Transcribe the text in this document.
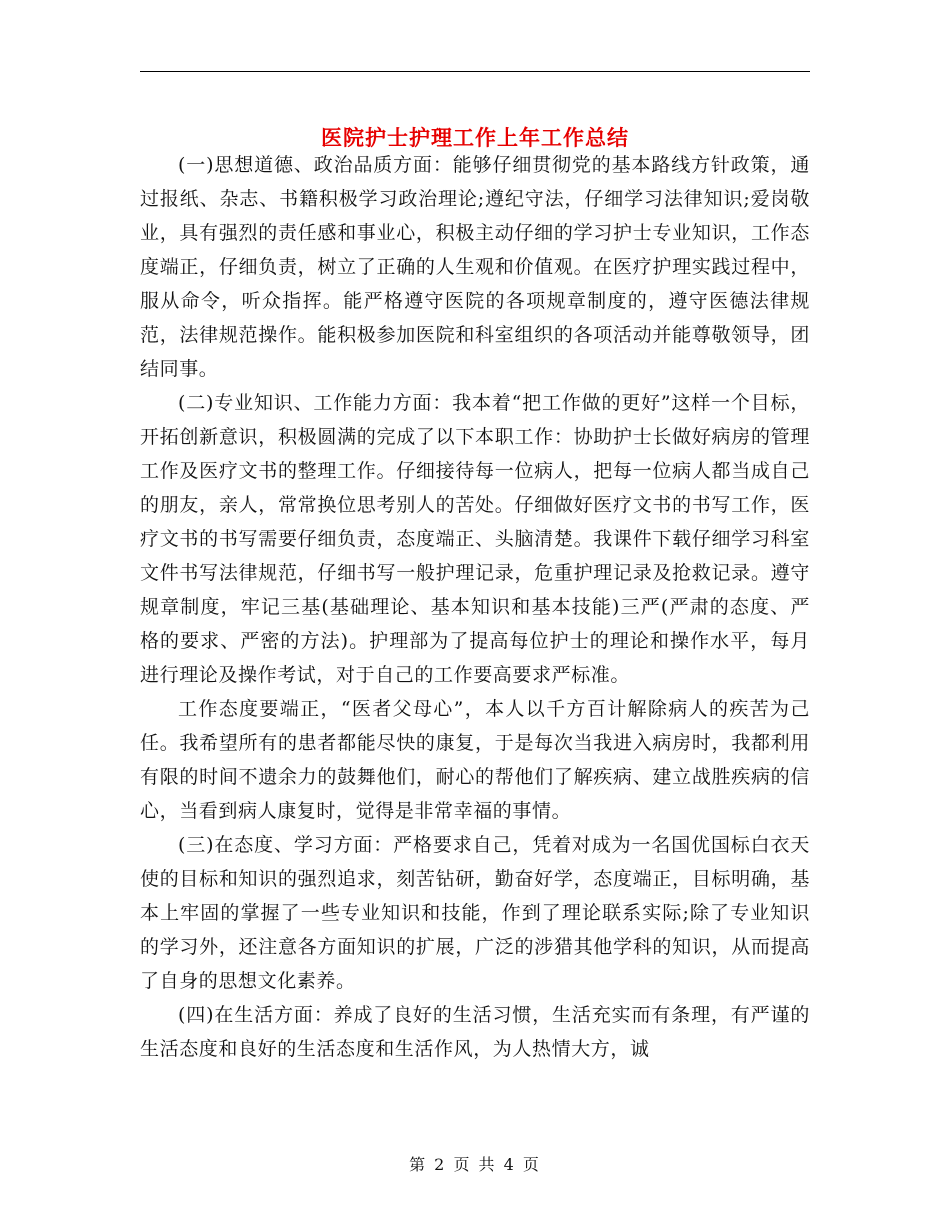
医院护士护理工作上年工作总结

(一)思想道德、政治品质方面：能够仔细贯彻党的基本路线方针政策，通过报纸、杂志、书籍积极学习政治理论;遵纪守法，仔细学习法律知识;爱岗敬业，具有强烈的责任感和事业心，积极主动仔细的学习护士专业知识，工作态度端正，仔细负责，树立了正确的人生观和价值观。在医疗护理实践过程中，服从命令，听众指挥。能严格遵守医院的各项规章制度的，遵守医德法律规范，法律规范操作。能积极参加医院和科室组织的各项活动并能尊敬领导，团结同事。

(二)专业知识、工作能力方面：我本着“把工作做的更好”这样一个目标，开拓创新意识，积极圆满的完成了以下本职工作：协助护士长做好病房的管理工作及医疗文书的整理工作。仔细接待每一位病人，把每一位病人都当成自己的朋友，亲人，常常换位思考别人的苦处。仔细做好医疗文书的书写工作，医疗文书的书写需要仔细负责，态度端正、头脑清楚。我课件下载仔细学习科室文件书写法律规范，仔细书写一般护理记录，危重护理记录及抢救记录。遵守规章制度，牢记三基(基础理论、基本知识和基本技能)三严(严肃的态度、严格的要求、严密的方法)。护理部为了提高每位护士的理论和操作水平，每月进行理论及操作考试，对于自己的工作要高要求严标准。

工作态度要端正，“医者父母心”，本人以千方百计解除病人的疾苦为己任。我希望所有的患者都能尽快的康复，于是每次当我进入病房时，我都利用有限的时间不遗余力的鼓舞他们，耐心的帮他们了解疾病、建立战胜疾病的信心，当看到病人康复时，觉得是非常幸福的事情。

(三)在态度、学习方面：严格要求自己，凭着对成为一名国优国标白衣天使的目标和知识的强烈追求，刻苦钻研，勤奋好学，态度端正，目标明确，基本上牢固的掌握了一些专业知识和技能，作到了理论联系实际;除了专业知识的学习外，还注意各方面知识的扩展，广泛的涉猎其他学科的知识，从而提高了自身的思想文化素养。

(四)在生活方面：养成了良好的生活习惯，生活充实而有条理，有严谨的生活态度和良好的生活态度和生活作风，为人热情大方，诚

第 2 页 共 4 页
